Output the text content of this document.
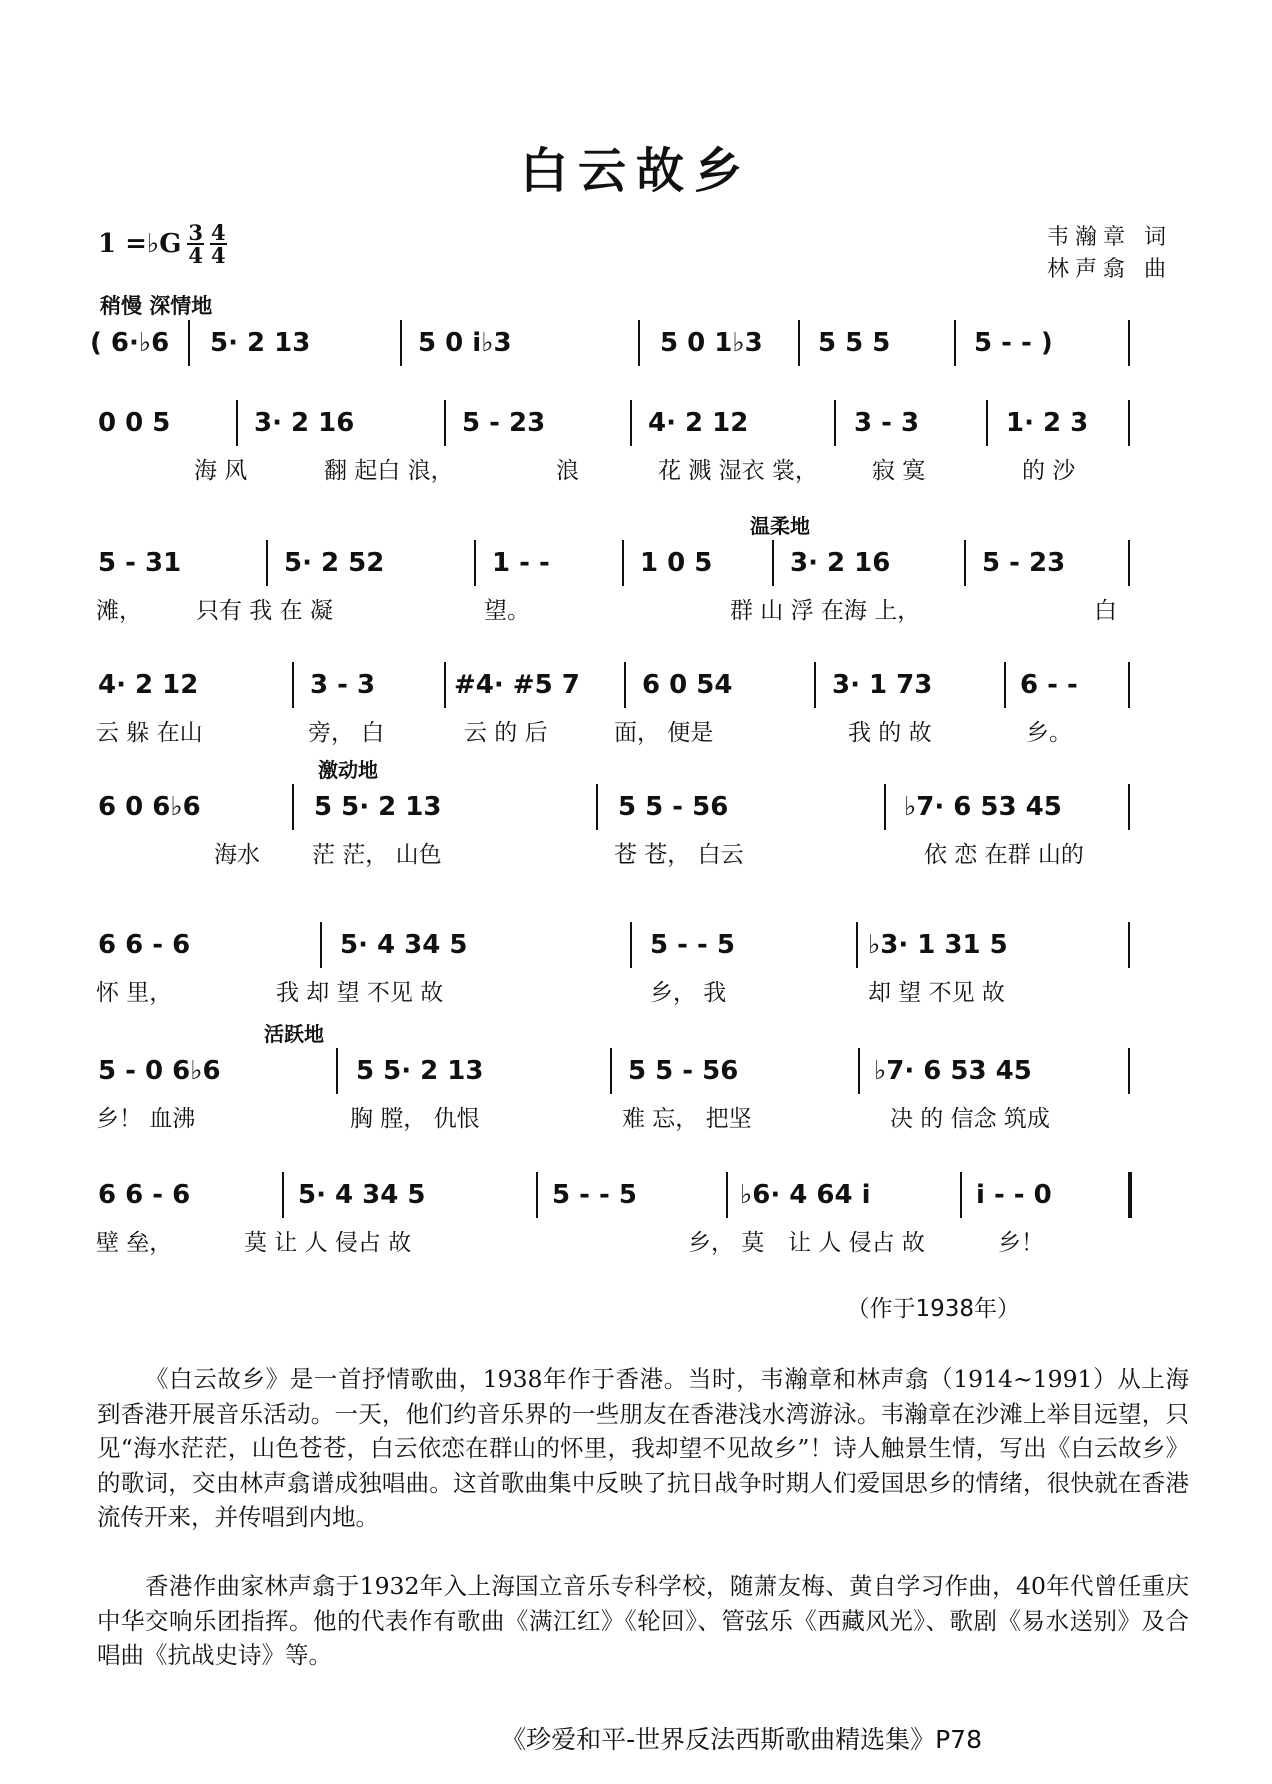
白云故乡
1 =♭G $\frac{3}{4} \frac{4}{4}$	韦瀚章 词
林声翕 曲
稍慢 深情地
( 6·♭6 5· 2 13	5 0 i♭3	5 0 1♭3 5 5 5	5 - - )
0 0 5	3· 2 16	5 - 23	4· 2 12	3 - 3	1· 2 3
海 风	翻 起白 浪，	浪	花 溅 湿衣 裳， 寂 寞	的 沙
温柔地
5 - 31	5· 2 52	1 - -	1 0 5	3· 2 16	5 - 23
滩， 只有 我 在 凝	望。	群 山 浮 在海 上，	白
4· 2 12	3 - 3	#4· #5 7 6 0 54	3· 1 73	6 - -
云 躲 在山	旁， 白	云 的 后	面， 便是	我 的 故	乡。
激动地
6 0 6♭6	5 5· 2 13	5 5 - 56	♭7· 6 53 45
海水 茫 茫， 山色	苍 苍， 白云	依 恋 在群 山的
6 6 - 6	5· 4 34 5	5 - - 5	♭3· 1 31 5
怀 里，	我 却 望 不见 故	乡， 我	却 望 不见 故
活跃地
5 - 0 6♭6	5 5· 2 13	5 5 - 56	♭7· 6 53 45
乡！ 血沸	胸 膛， 仇恨	难 忘， 把坚	决 的 信念 筑成
6 6 - 6	5· 4 34 5	5 - - 5	♭6· 4 64 i	i - - 0
壁 垒，	莫 让 人 侵占 故	乡， 莫 让 人 侵占 故	乡！
（作于1938年）
《白云故乡》是一首抒情歌曲，1938年作于香港。当时，韦瀚章和林声翕（1914~1991）从上海到香港开展音乐活动。一天，他们约音乐界的一些朋友在香港浅水湾游泳。韦瀚章在沙滩上举目远望，只见“海水茫茫，山色苍苍，白云依恋在群山的怀里，我却望不见故乡”！诗人触景生情，写出《白云故乡》的歌词，交由林声翕谱成独唱曲。这首歌曲集中反映了抗日战争时期人们爱国思乡的情绪，很快就在香港流传开来，并传唱到内地。
香港作曲家林声翕于1932年入上海国立音乐专科学校，随萧友梅、黄自学习作曲，40年代曾任重庆中华交响乐团指挥。他的代表作有歌曲《满江红》《轮回》、管弦乐《西藏风光》、歌剧《易水送别》及合唱曲《抗战史诗》等。
《珍爱和平-世界反法西斯歌曲精选集》P78
